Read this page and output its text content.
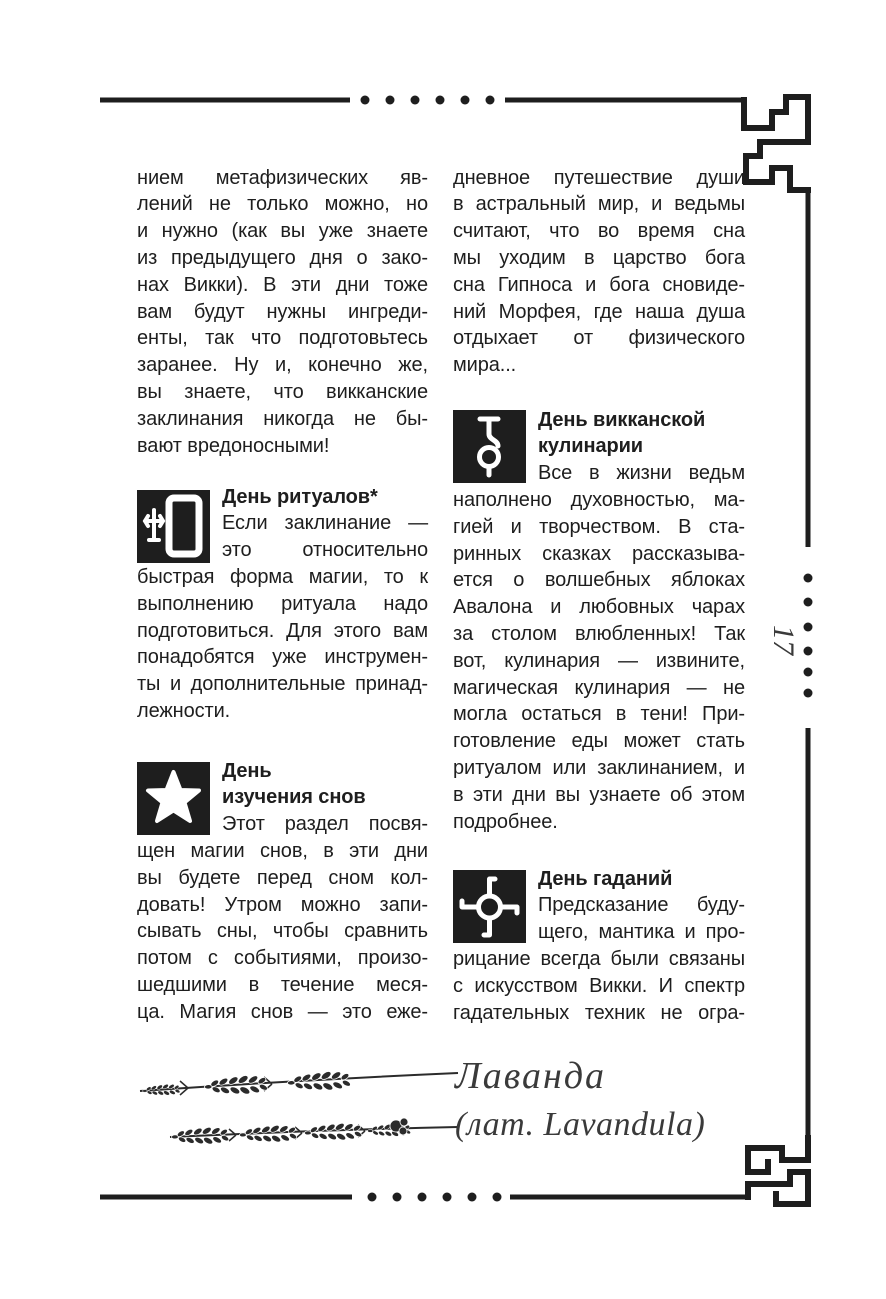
нием метафизических яв-
лений не только можно, но
и нужно (как вы уже знаете
из предыдущего дня о зако-
нах Викки). В эти дни тоже
вам будут нужны ингреди-
енты, так что подготовьтесь
заранее. Ну и, конечно же,
вы знаете, что викканские
заклинания никогда не бы-
вают вредоносными!
День ритуалов*
Если заклинание —
это относительно
быстрая форма магии, то к
выполнению ритуала надо
подготовиться. Для этого вам
понадобятся уже инструмен-
ты и дополнительные принад-
лежности.
День
изучения снов
Этот раздел посвя-
щен магии снов, в эти дни
вы будете перед сном кол-
довать! Утром можно запи-
сывать сны, чтобы сравнить
потом с событиями, произо-
шедшими в течение меся-
ца. Магия снов — это еже-
дневное путешествие души
в астральный мир, и ведьмы
считают, что во время сна
мы уходим в царство бога
сна Гипноса и бога сновиде-
ний Морфея, где наша душа
отдыхает от физического
мира...
День викканской
кулинарии
Все в жизни ведьм
наполнено духовностью, ма-
гией и творчеством. В ста-
ринных сказках рассказыва-
ется о волшебных яблоках
Авалона и любовных чарах
за столом влюбленных! Так
вот, кулинария — извините,
магическая кулинария — не
могла остаться в тени! При-
готовление еды может стать
ритуалом или заклинанием, и
в эти дни вы узнаете об этом
подробнее.
День гаданий
Предсказание буду-
щего, мантика и про-
рицание всегда были связаны
с искусством Викки. И спектр
гадательных техник не огра-
Лаванда
(лат. Lavandula)
17
